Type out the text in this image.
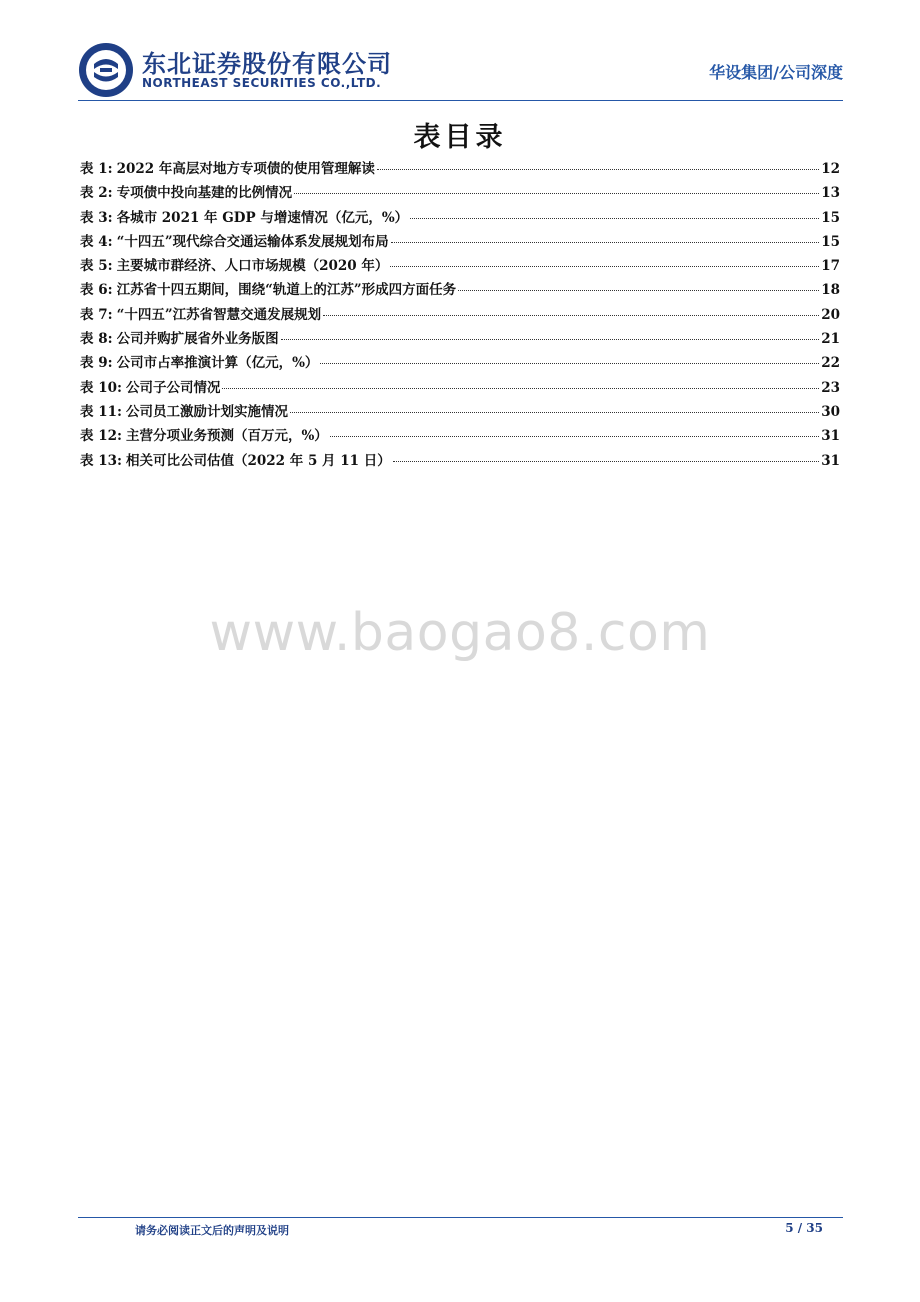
东北证券股份有限公司
NORTHEAST SECURITIES CO.,LTD.
华设集团/公司深度
表目录
表 1: 2022 年高层对地方专项债的使用管理解读	12
表 2: 专项债中投向基建的比例情况	13
表 3: 各城市 2021 年 GDP 与增速情况（亿元，%）	15
表 4: “十四五”现代综合交通运输体系发展规划布局	15
表 5: 主要城市群经济、人口市场规模（2020 年）	17
表 6: 江苏省十四五期间，围绕“轨道上的江苏”形成四方面任务	18
表 7: “十四五”江苏省智慧交通发展规划	20
表 8: 公司并购扩展省外业务版图	21
表 9: 公司市占率推演计算（亿元，%）	22
表 10: 公司子公司情况	23
表 11: 公司员工激励计划实施情况	30
表 12: 主营分项业务预测（百万元，%）	31
表 13: 相关可比公司估值（2022 年 5 月 11 日）	31
www.baogao8.com
请务必阅读正文后的声明及说明	5 / 35
